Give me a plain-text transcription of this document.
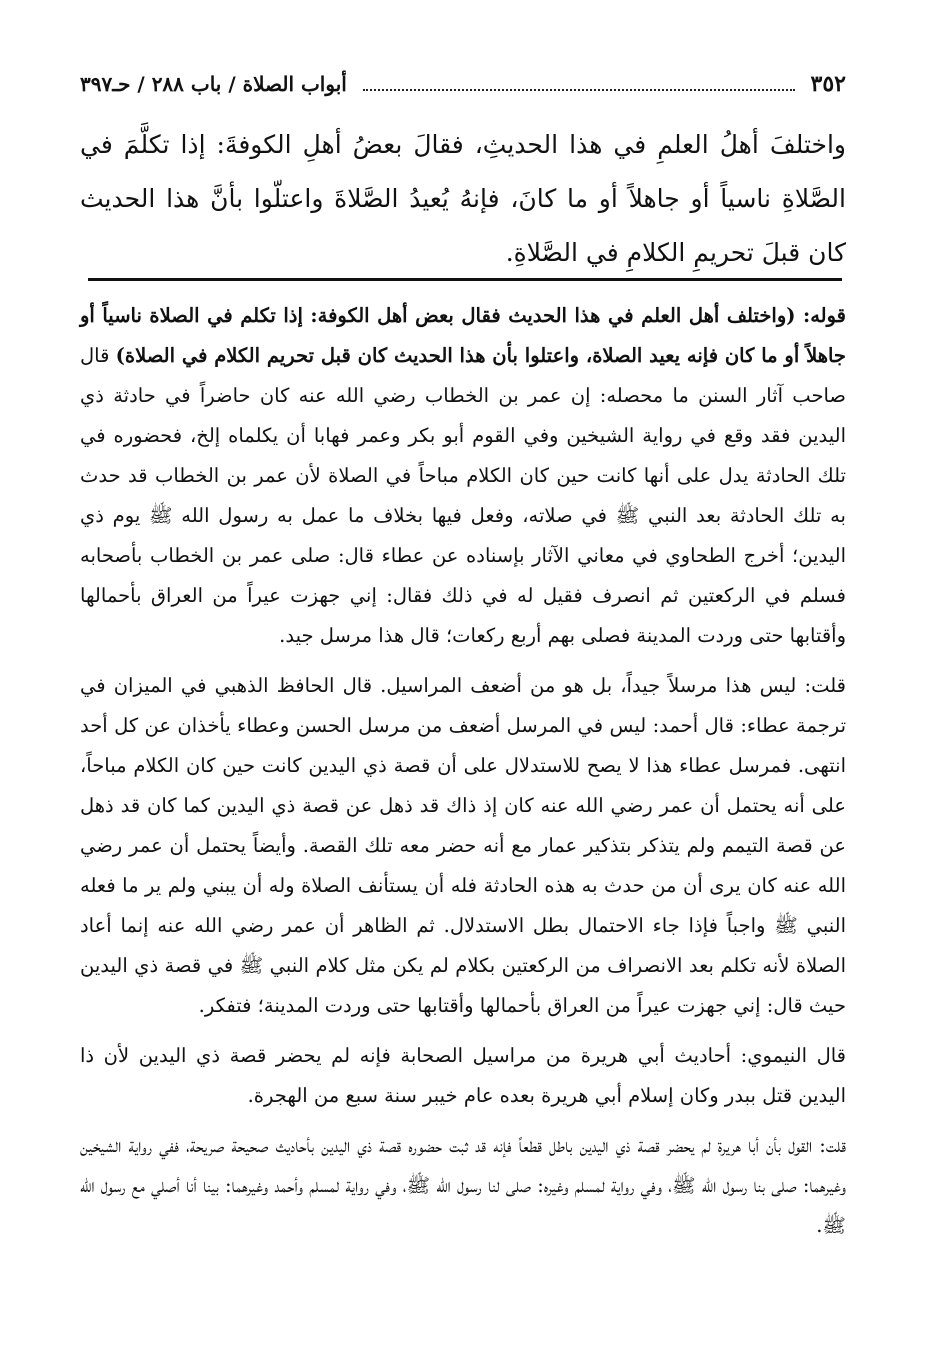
٣٥٢
أبواب الصلاة / باب ٢٨٨ / حـ٣٩٧
واختلفَ أهلُ العلمِ في هذا الحديثِ، فقالَ بعضُ أهلِ الكوفةَ: إذا تكلَّمَ في الصَّلاةِ ناسياً أو جاهلاً أو ما كانَ، فإنهُ يُعيدُ الصَّلاةَ واعتلّوا بأنَّ هذا الحديث كان قبلَ تحريمِ الكلامِ في الصَّلاةِ.

قوله: (واختلف أهل العلم في هذا الحديث فقال بعض أهل الكوفة: إذا تكلم في الصلاة ناسياً أو جاهلاً أو ما كان فإنه يعيد الصلاة، واعتلوا بأن هذا الحديث كان قبل تحريم الكلام في الصلاة) قال صاحب آثار السنن ما محصله: إن عمر بن الخطاب رضي الله عنه كان حاضراً في حادثة ذي اليدين فقد وقع في رواية الشيخين وفي القوم أبو بكر وعمر فهابا أن يكلماه إلخ، فحضوره في تلك الحادثة يدل على أنها كانت حين كان الكلام مباحاً في الصلاة لأن عمر بن الخطاب قد حدث به تلك الحادثة بعد النبي ﷺ في صلاته، وفعل فيها بخلاف ما عمل به رسول الله ﷺ يوم ذي اليدين؛ أخرج الطحاوي في معاني الآثار بإسناده عن عطاء قال: صلى عمر بن الخطاب بأصحابه فسلم في الركعتين ثم انصرف فقيل له في ذلك فقال: إني جهزت عيراً من العراق بأحمالها وأقتابها حتى وردت المدينة فصلى بهم أربع ركعات؛ قال هذا مرسل جيد.

قلت: ليس هذا مرسلاً جيداً، بل هو من أضعف المراسيل. قال الحافظ الذهبي في الميزان في ترجمة عطاء: قال أحمد: ليس في المرسل أضعف من مرسل الحسن وعطاء يأخذان عن كل أحد انتهى. فمرسل عطاء هذا لا يصح للاستدلال على أن قصة ذي اليدين كانت حين كان الكلام مباحاً، على أنه يحتمل أن عمر رضي الله عنه كان إذ ذاك قد ذهل عن قصة ذي اليدين كما كان قد ذهل عن قصة التيمم ولم يتذكر بتذكير عمار مع أنه حضر معه تلك القصة. وأيضاً يحتمل أن عمر رضي الله عنه كان يرى أن من حدث به هذه الحادثة فله أن يستأنف الصلاة وله أن يبني ولم ير ما فعله النبي ﷺ واجباً فإذا جاء الاحتمال بطل الاستدلال. ثم الظاهر أن عمر رضي الله عنه إنما أعاد الصلاة لأنه تكلم بعد الانصراف من الركعتين بكلام لم يكن مثل كلام النبي ﷺ في قصة ذي اليدين حيث قال: إني جهزت عيراً من العراق بأحمالها وأقتابها حتى وردت المدينة؛ فتفكر.

قال النيموي: أحاديث أبي هريرة من مراسيل الصحابة فإنه لم يحضر قصة ذي اليدين لأن ذا اليدين قتل ببدر وكان إسلام أبي هريرة بعده عام خيبر سنة سبع من الهجرة.

قلت: القول بأن أبا هريرة لم يحضر قصة ذي اليدين باطل قطعاً فإنه قد ثبت حضوره قصة ذي اليدين بأحاديث صحيحة صريحة، ففي رواية الشيخين وغيرهما: صلى بنا رسول الله ﷺ، وفي رواية لمسلم وغيره: صلى لنا رسول الله ﷺ، وفي رواية لمسلم وأحمد وغيرهما: بينا أنا أصلي مع رسول الله ﷺ.
